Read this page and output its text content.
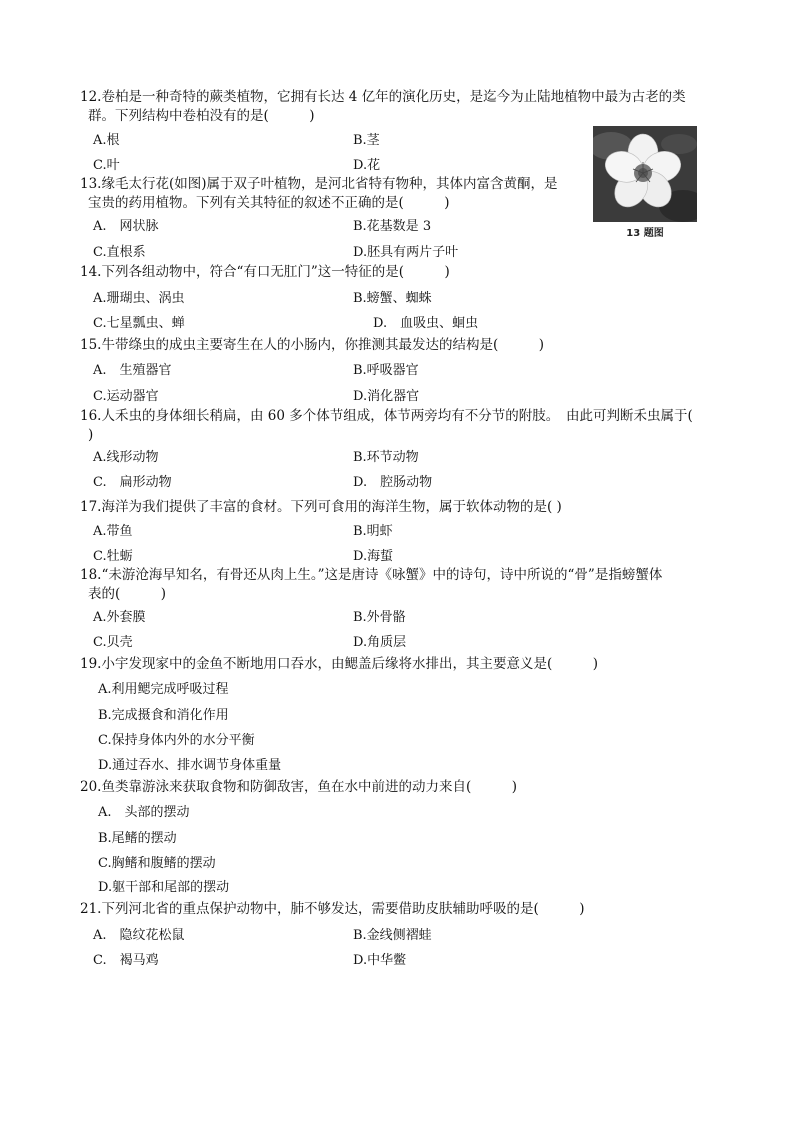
12.卷柏是一种奇特的蕨类植物，它拥有长达 4 亿年的演化历史，是迄今为止陆地植物中最为古老的类

群。下列结构中卷柏没有的是(　　　)

A.根	B.茎
C.叶	D.花
13 题图

13.缘毛太行花(如图)属于双子叶植物，是河北省特有物种，其体内富含黄酮，是

宝贵的药用植物。下列有关其特征的叙述不正确的是(　　　)

A.　网状脉	B.花基数是 3
C.直根系	D.胚具有两片子叶

14.下列各组动物中，符合“有口无肛门”这一特征的是(　　　)

A.珊瑚虫、涡虫	B.螃蟹、蜘蛛
C.七星瓢虫、蝉	D.　血吸虫、蛔虫

15.牛带绦虫的成虫主要寄生在人的小肠内，你推测其最发达的结构是(　　　)

A.　生殖器官	B.呼吸器官
C.运动器官	D.消化器官

16.人禾虫的身体细长稍扁，由 60 多个体节组成，体节两旁均有不分节的附肢。　由此可判断禾虫属于(

)

A.线形动物	B.环节动物
C.　扁形动物	D.　腔肠动物

17.海洋为我们提供了丰富的食材。下列可食用的海洋生物，属于软体动物的是( )

A.带鱼	B.明虾
C.牡蛎	D.海蜇

18.“未游沧海早知名，有骨还从肉上生。”这是唐诗《咏蟹》中的诗句，诗中所说的“骨”是指螃蟹体

表的(　　　)

A.外套膜	B.外骨骼
C.贝壳	D.角质层

19.小宇发现家中的金鱼不断地用口吞水，由鳃盖后缘将水排出，其主要意义是(　　　)

A.利用鳃完成呼吸过程
B.完成摄食和消化作用
C.保持身体内外的水分平衡
D.通过吞水、排水调节身体重量

20.鱼类靠游泳来获取食物和防御敌害，鱼在水中前进的动力来自(　　　)

A.　头部的摆动
B.尾鳍的摆动
C.胸鳍和腹鳍的摆动
D.躯干部和尾部的摆动

21.下列河北省的重点保护动物中，肺不够发达，需要借助皮肤辅助呼吸的是(　　　)

A.　隐纹花松鼠	B.金线侧褶蛙
C.　褐马鸡	D.中华鳖
